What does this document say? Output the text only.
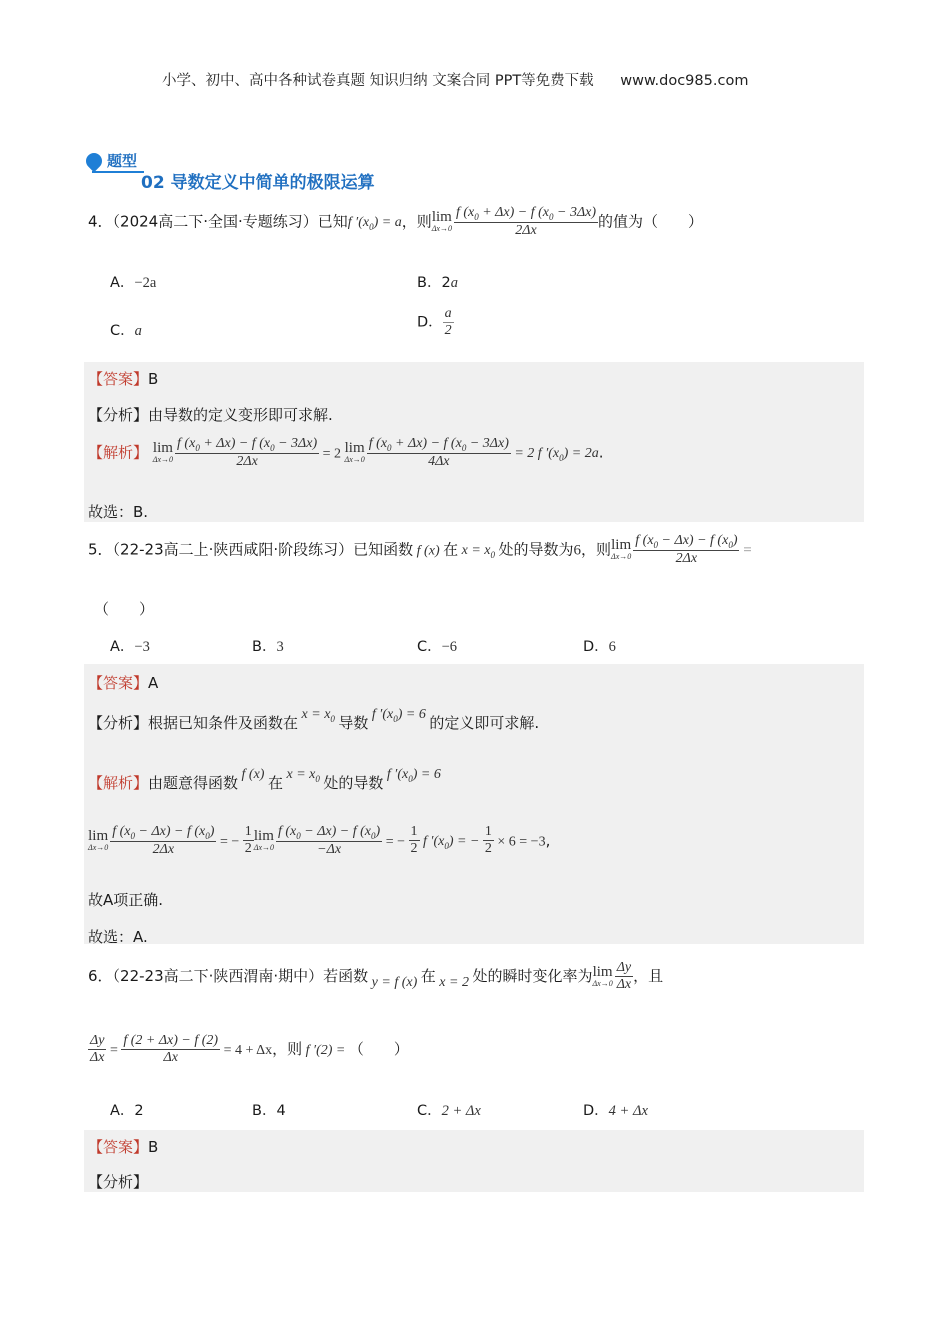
小学、初中、高中各种试卷真题 知识归纳 文案合同 PPT等免费下载 www.doc985.com
题型
02 导数定义中简单的极限运算
4．（2024高二下·全国·专题练习）已知f $'(x_0) = a$，则 lim
$\Delta x\to 0 \frac{f (x_0 + \Delta x) - f (x_0 - 3\Delta x)}{2\Delta x}$ 的值为（　　）
A．−2a	B．2a
C．a
D． $\frac{a}{2}$
【答案】B
【分析】由导数的定义变形即可求解.
【解析】 lim
$\Delta x\to 0 \frac{f (x_0 + \Delta x) - f (x_0 - 3\Delta x)}{2\Delta x} = 2$ lim
$\Delta x\to 0 \frac{f (x_0 + \Delta x) - f (x_0 - 3\Delta x)}{4\Delta x} = 2$ f $'(x_0) = 2a$.
故选：B.
5．（22-23高二上·陕西咸阳·阶段练习）已知函数 f (x) 在 $x = x_0$ 处的导数为6，则 lim
$\Delta x\to 0 \frac{f (x_0 - \Delta x) - f (x_0)}{2\Delta x}$ =
（　　）
A．−3	B．3	C．−6	D．6
【答案】A
【分析】根据已知条件及函数在 $x = x_0$ 导数 f $'(x_0) = 6$ 的定义即可求解.
【解析】由题意得函数 f (x) 在 $x = x_0$ 处的导数 f $'(x_0) = 6$
lim
$\Delta x\to 0 \frac{f (x_0 - \Delta x) - f (x_0)}{2\Delta x}$ = − $\frac{1}{2}$ lim
$\Delta x\to 0 \frac{f (x_0 - \Delta x) - f (x_0)}{-\Delta x}$ = − $\frac{1}{2}$ f $'(x_0)$ = − $\frac{1}{2} \times 6 = -3$,
故A项正确.
故选：A.
6．（22-23高二下·陕西渭南·期中）若函数 y = f (x) 在 x = 2 处的瞬时变化率为 lim
$\Delta x\to 0 \frac{\Delta y}{\Delta x}$ ，且
$\frac{\Delta y}{\Delta x} = \frac{f (2 + \Delta x) - f (2)}{\Delta x} = 4 + \Delta x$，则 f ′(2) = （　　）
A．2	B．4	C．2 + Δx	D．4 + Δx
【答案】B
【分析】
